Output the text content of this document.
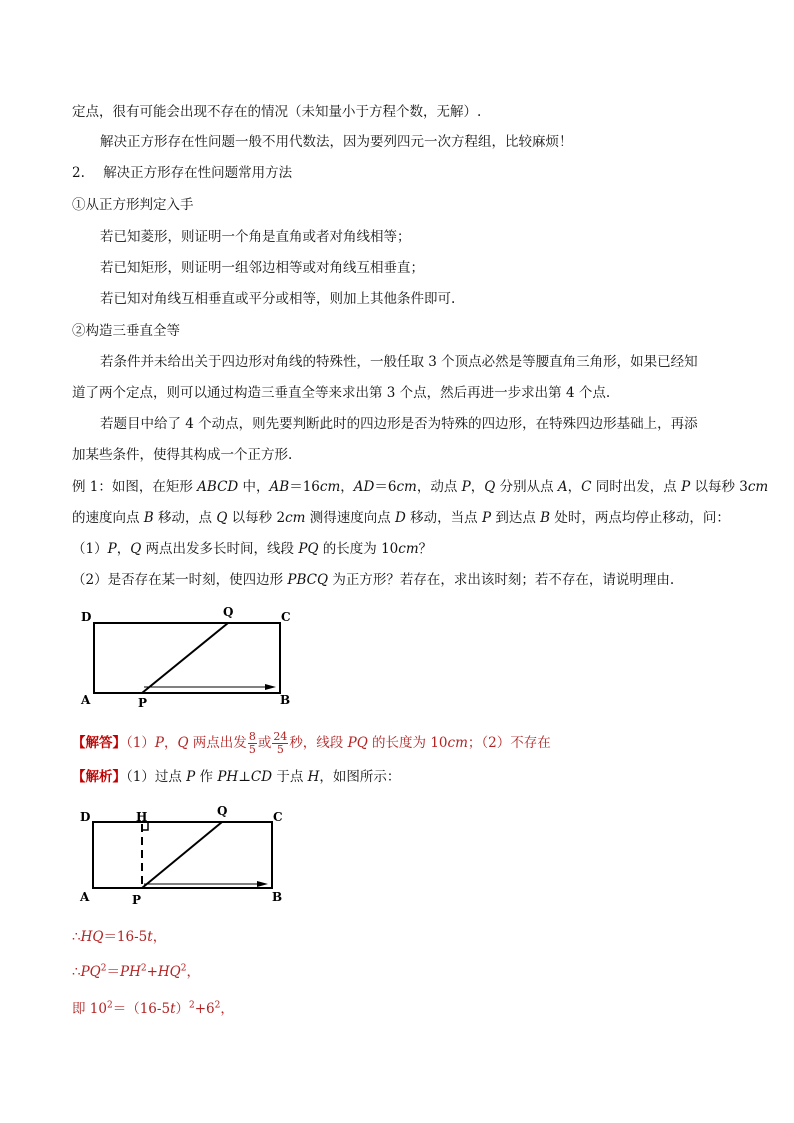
定点，很有可能会出现不存在的情况（未知量小于方程个数，无解）.
解决正方形存在性问题一般不用代数法，因为要列四元一次方程组，比较麻烦！
2. 解决正方形存在性问题常用方法
①从正方形判定入手
若已知菱形，则证明一个角是直角或者对角线相等；
若已知矩形，则证明一组邻边相等或对角线互相垂直；
若已知对角线互相垂直或平分或相等，则加上其他条件即可.
②构造三垂直全等
若条件并未给出关于四边形对角线的特殊性，一般任取 3 个顶点必然是等腰直角三角形，如果已经知
道了两个定点，则可以通过构造三垂直全等来求出第 3 个点，然后再进一步求出第 4 个点.
若题目中给了 4 个动点，则先要判断此时的四边形是否为特殊的四边形，在特殊四边形基础上，再添
加某些条件，使得其构成一个正方形.
例 1：如图，在矩形 ABCD 中，AB＝16cm，AD＝6cm，动点 P，Q 分别从点 A，C 同时出发，点 P 以每秒 3cm
的速度向点 B 移动，点 Q 以每秒 2cm 测得速度向点 D 移动，当点 P 到达点 B 处时，两点均停止移动，问：
（1）P，Q 两点出发多长时间，线段 PQ 的长度为 10cm？
（2）是否存在某一时刻，使四边形 PBCQ 为正方形？若存在，求出该时刻；若不存在，请说明理由.
D	Q	C
A	P	B
【解答】（1）P，Q 两点出发 $\frac{8}{5}$ 或 $\frac{24}{5}$ 秒，线段 PQ 的长度为 10cm；（2）不存在
【解析】（1）过点 P 作 PH⊥CD 于点 H，如图所示：
D	H	Q	C
A	P	B
∴HQ＝16-5t，
$\therefore PQ^2=PH^2+HQ^2$，
即 $10^2=(16-5t)^2+6^2$，
